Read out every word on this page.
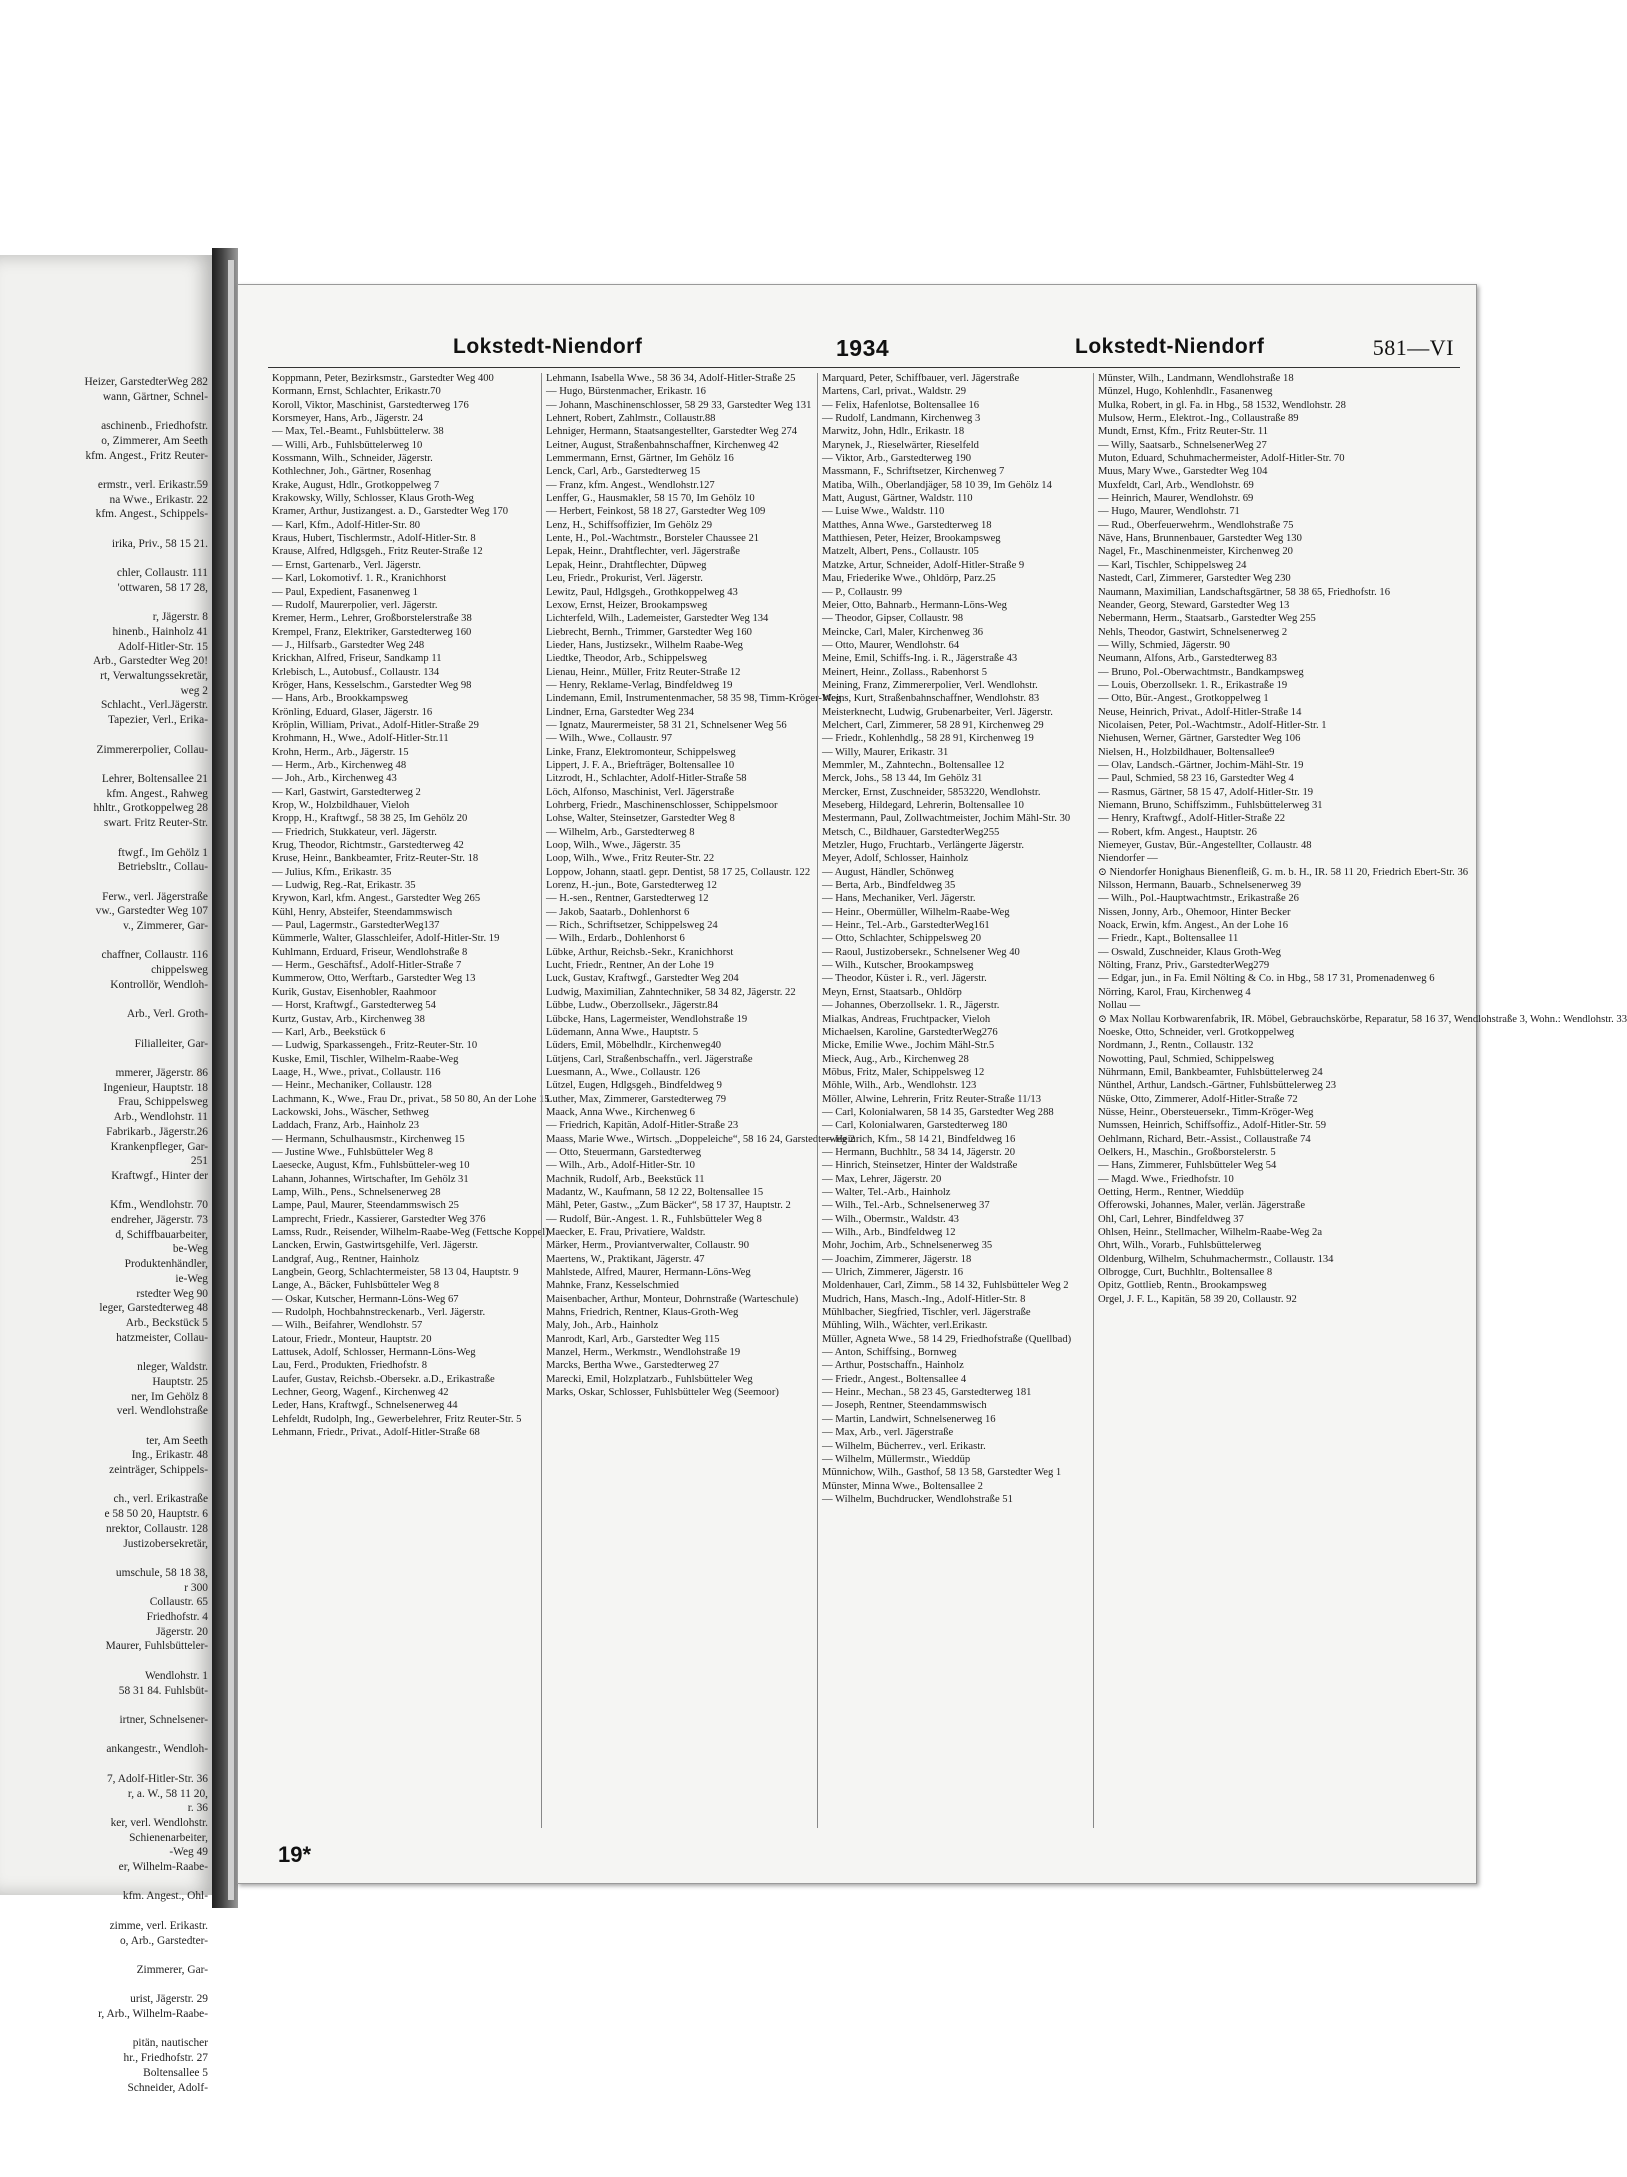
Heizer, GarstedterWeg 282
wann, Gärtner, Schnel-

aschinenb., Friedhofstr.
o, Zimmerer, Am Seeth
kfm. Angest., Fritz Reuter-

ermstr., verl. Erikastr.59
na Wwe., Erikastr. 22
kfm. Angest., Schippels-

irika, Priv., 58 15 21.

chler, Collaustr. 111
'ottwaren, 58 17 28,

r, Jägerstr. 8
hinenb., Hainholz 41
Adolf-Hitler-Str. 15
Arb., Garstedter Weg 20!
rt, Verwaltungssekretär,
weg 2
Schlacht., Verl.Jägerstr.
Tapezier, Verl., Erika-

Zimmererpolier, Collau-

Lehrer, Boltensallee 21
kfm. Angest., Rahweg
hhltr., Grotkoppelweg 28
swart. Fritz Reuter-Str.

ftwgf., Im Gehölz 1
Betriebsltr., Collau-

Ferw., verl. Jägerstraße
vw., Garstedter Weg 107
v., Zimmerer, Gar-

chaffner, Collaustr. 116
chippelsweg
Kontrollör, Wendloh-

Arb., Verl. Groth-

Filialleiter, Gar-

mmerer, Jägerstr. 86
Ingenieur, Hauptstr. 18
Frau, Schippelsweg
Arb., Wendlohstr. 11
Fabrikarb., Jägerstr.26
Krankenpfleger, Gar-
251
Kraftwgf., Hinter der

Kfm., Wendlohstr. 70
endreher, Jägerstr. 73
d, Schiffbauarbeiter,
be-Weg
Produktenhändler,
ie-Weg
rstedter Weg 90
leger, Garstedterweg 48
Arb., Beckstück 5
hatzmeister, Collau-

nleger, Waldstr.
Hauptstr. 25
ner, Im Gehölz 8
verl. Wendlohstraße

ter, Am Seeth
Ing., Erikastr. 48
zeinträger, Schippels-

ch., verl. Erikastraße
e 58 50 20, Hauptstr. 6
nrektor, Collaustr. 128
Justizobersekretär,

umschule, 58 18 38,
r 300
Collaustr. 65
Friedhofstr. 4
Jägerstr. 20
Maurer, Fuhlsbütteler-

Wendlohstr. 1
58 31 84. Fuhlsbüt-

irtner, Schnelsener-

ankangestr., Wendloh-

7, Adolf-Hitler-Str. 36
r, a. W., 58 11 20,
r. 36
ker, verl. Wendlohstr.
Schienenarbeiter,
-Weg 49
er, Wilhelm-Raabe-

kfm. Angest., Ohl-

zimme, verl. Erikastr.
o, Arb., Garstedter-

Zimmerer, Gar-

urist, Jägerstr. 29
r, Arb., Wilhelm-Raabe-

pitän, nautischer
hr., Friedhofstr. 27
Boltensallee 5
Schneider, Adolf-
Lokstedt-Niendorf	1934	Lokstedt-Niendorf	581—VI
Koppmann, Peter, Bezirksmstr., Garstedter Weg 400
Kormann, Ernst, Schlachter, Erikastr.70
Koroll, Viktor, Maschinist, Garstedterweg 176
Korsmeyer, Hans, Arb., Jägerstr. 24
— Max, Tel.-Beamt., Fuhlsbüttelerw. 38
— Willi, Arb., Fuhlsbüttelerweg 10
Kossmann, Wilh., Schneider, Jägerstr.
Kothlechner, Joh., Gärtner, Rosenhag
Krake, August, Hdlr., Grotkoppelweg 7
Krakowsky, Willy, Schlosser, Klaus Groth-Weg
Kramer, Arthur, Justizangest. a. D., Garstedter Weg 170
— Karl, Kfm., Adolf-Hitler-Str. 80
Kraus, Hubert, Tischlermstr., Adolf-Hitler-Str. 8
Krause, Alfred, Hdlgsgeh., Fritz Reuter-Straße 12
— Ernst, Gartenarb., Verl. Jägerstr.
— Karl, Lokomotivf. 1. R., Kranichhorst
— Paul, Expedient, Fasanenweg 1
— Rudolf, Maurerpolier, verl. Jägerstr.
Kremer, Herm., Lehrer, Großborstelerstraße 38
Krempel, Franz, Elektriker, Garstedterweg 160
— J., Hilfsarb., Garstedter Weg 248
Krickhan, Alfred, Friseur, Sandkamp 11
Krlebisch, L., Autobusf., Collaustr. 134
Kröger, Hans, Kesselschm., Garstedter Weg 98
— Hans, Arb., Brookkampsweg
Krönling, Eduard, Glaser, Jägerstr. 16
Kröplin, William, Privat., Adolf-Hitler-Straße 29
Krohmann, H., Wwe., Adolf-Hitler-Str.11
Krohn, Herm., Arb., Jägerstr. 15
— Herm., Arb., Kirchenweg 48
— Joh., Arb., Kirchenweg 43
— Karl, Gastwirt, Garstedterweg 2
Krop, W., Holzbildhauer, Vieloh
Kropp, H., Kraftwgf., 58 38 25, Im Gehölz 20
— Friedrich, Stukkateur, verl. Jägerstr.
Krug, Theodor, Richtmstr., Garstedterweg 42
Kruse, Heinr., Bankbeamter, Fritz-Reuter-Str. 18
— Julius, Kfm., Erikastr. 35
— Ludwig, Reg.-Rat, Erikastr. 35
Krywon, Karl, kfm. Angest., Garstedter Weg 265
Kühl, Henry, Absteifer, Steendammswisch
— Paul, Lagermstr., GarstedterWeg137
Kümmerle, Walter, Glasschleifer, Adolf-Hitler-Str. 19
Kuhlmann, Erduard, Friseur, Wendlohstraße 8
— Herm., Geschäftsf., Adolf-Hitler-Straße 7
Kummerow, Otto, Werftarb., Garstedter Weg 13
Kurik, Gustav, Eisenhobler, Raahmoor
— Horst, Kraftwgf., Garstedterweg 54
Kurtz, Gustav, Arb., Kirchenweg 38
— Karl, Arb., Beekstück 6
— Ludwig, Sparkassengeh., Fritz-Reuter-Str. 10
Kuske, Emil, Tischler, Wilhelm-Raabe-Weg
Laage, H., Wwe., privat., Collaustr. 116
— Heinr., Mechaniker, Collaustr. 128
Lachmann, K., Wwe., Frau Dr., privat., 58 50 80, An der Lohe 15
Lackowski, Johs., Wäscher, Sethweg
Laddach, Franz, Arb., Hainholz 23
— Hermann, Schulhausmstr., Kirchenweg 15
— Justine Wwe., Fuhlsbütteler Weg 8
Laesecke, August, Kfm., Fuhlsbütteler-weg 10
Lahann, Johannes, Wirtschafter, Im Gehölz 31
Lamp, Wilh., Pens., Schnelsenerweg 28
Lampe, Paul, Maurer, Steendammswisch 25
Lamprecht, Friedr., Kassierer, Garstedter Weg 376
Lamss, Rudr., Reisender, Wilhelm-Raabe-Weg (Fettsche Koppel)
Lancken, Erwin, Gastwirtsgehilfe, Verl. Jägerstr.
Landgraf, Aug., Rentner, Hainholz
Langbein, Georg, Schlachtermeister, 58 13 04, Hauptstr. 9
Lange, A., Bäcker, Fuhlsbütteler Weg 8
— Oskar, Kutscher, Hermann-Löns-Weg 67
— Rudolph, Hochbahnstreckenarb., Verl. Jägerstr.
— Wilh., Beifahrer, Wendlohstr. 57
Latour, Friedr., Monteur, Hauptstr. 20
Lattusek, Adolf, Schlosser, Hermann-Löns-Weg
Lau, Ferd., Produkten, Friedhofstr. 8
Laufer, Gustav, Reichsb.-Obersekr. a.D., Erikastraße
Lechner, Georg, Wagenf., Kirchenweg 42
Leder, Hans, Kraftwgf., Schnelsenerweg 44
Lehfeldt, Rudolph, Ing., Gewerbelehrer, Fritz Reuter-Str. 5
Lehmann, Friedr., Privat., Adolf-Hitler-Straße 68
Lehmann, Isabella Wwe., 58 36 34, Adolf-Hitler-Straße 25
— Hugo, Bürstenmacher, Erikastr. 16
— Johann, Maschinenschlosser, 58 29 33, Garstedter Weg 131
Lehnert, Robert, Zahlmstr., Collaustr.88
Lehniger, Hermann, Staatsangestellter, Garstedter Weg 274
Leitner, August, Straßenbahnschaffner, Kirchenweg 42
Lemmermann, Ernst, Gärtner, Im Gehölz 16
Lenck, Carl, Arb., Garstedterweg 15
— Franz, kfm. Angest., Wendlohstr.127
Lenffer, G., Hausmakler, 58 15 70, Im Gehölz 10
— Herbert, Feinkost, 58 18 27, Garstedter Weg 109
Lenz, H., Schiffsoffizier, Im Gehölz 29
Lente, H., Pol.-Wachtmstr., Borsteler Chaussee 21
Lepak, Heinr., Drahtflechter, verl. Jägerstraße
Lepak, Heinr., Drahtflechter, Düpweg
Leu, Friedr., Prokurist, Verl. Jägerstr.
Lewitz, Paul, Hdlgsgeh., Grothkoppelweg 43
Lexow, Ernst, Heizer, Brookampsweg
Lichterfeld, Wilh., Lademeister, Garstedter Weg 134
Liebrecht, Bernh., Trimmer, Garstedter Weg 160
Lieder, Hans, Justizsekr., Wilhelm Raabe-Weg
Liedtke, Theodor, Arb., Schippelsweg
Lienau, Heinr., Müller, Fritz Reuter-Straße 12
— Henry, Reklame-Verlag, Bindfeldweg 19
Lindemann, Emil, Instrumentenmacher, 58 35 98, Timm-Kröger-Weg
Lindner, Erna, Garstedter Weg 234
— Ignatz, Maurermeister, 58 31 21, Schnelsener Weg 56
— Wilh., Wwe., Collaustr. 97
Linke, Franz, Elektromonteur, Schippelsweg
Lippert, J. F. A., Briefträger, Boltensallee 10
Litzrodt, H., Schlachter, Adolf-Hitler-Straße 58
Löch, Alfonso, Maschinist, Verl. Jägerstraße
Lohrberg, Friedr., Maschinenschlosser, Schippelsmoor
Lohse, Walter, Steinsetzer, Garstedter Weg 8
— Wilhelm, Arb., Garstedterweg 8
Loop, Wilh., Wwe., Jägerstr. 35
Loop, Wilh., Wwe., Fritz Reuter-Str. 22
Loppow, Johann, staatl. gepr. Dentist, 58 17 25, Collaustr. 122
Lorenz, H.-jun., Bote, Garstedterweg 12
— H.-sen., Rentner, Garstedterweg 12
— Jakob, Saatarb., Dohlenhorst 6
— Rich., Schriftsetzer, Schippelsweg 24
— Wilh., Erdarb., Dohlenhorst 6
Lübke, Arthur, Reichsb.-Sekr., Kranichhorst
Lucht, Friedr., Rentner, An der Lohe 19
Luck, Gustav, Kraftwgf., Garstedter Weg 204
Ludwig, Maximilian, Zahntechniker, 58 34 82, Jägerstr. 22
Lübbe, Ludw., Oberzollsekr., Jägerstr.84
Lübcke, Hans, Lagermeister, Wendlohstraße 19
Lüdemann, Anna Wwe., Hauptstr. 5
Lüders, Emil, Möbelhdlr., Kirchenweg40
Lütjens, Carl, Straßenbschaffn., verl. Jägerstraße
Luesmann, A., Wwe., Collaustr. 126
Lützel, Eugen, Hdlgsgeh., Bindfeldweg 9
Luther, Max, Zimmerer, Garstedterweg 79
Maack, Anna Wwe., Kirchenweg 6
— Friedrich, Kapitän, Adolf-Hitler-Straße 23
Maass, Marie Wwe., Wirtsch. „Doppeleiche“, 58 16 24, Garstedterweg 2
— Otto, Steuermann, Garstedterweg
— Wilh., Arb., Adolf-Hitler-Str. 10
Machnik, Rudolf, Arb., Beekstück 11
Madantz, W., Kaufmann, 58 12 22, Boltensallee 15
Mähl, Peter, Gastw., „Zum Bäcker“, 58 17 37, Hauptstr. 2
— Rudolf, Bür.-Angest. 1. R., Fuhlsbütteler Weg 8
Maecker, E. Frau, Privatiere, Waldstr.
Märker, Herm., Proviantverwalter, Collaustr. 90
Maertens, W., Praktikant, Jägerstr. 47
Mahlstede, Alfred, Maurer, Hermann-Löns-Weg
Mahnke, Franz, Kesselschmied
Maisenbacher, Arthur, Monteur, Dohrnstraße (Warteschule)
Mahns, Friedrich, Rentner, Klaus-Groth-Weg
Maly, Joh., Arb., Hainholz
Manrodt, Karl, Arb., Garstedter Weg 115
Manzel, Herm., Werkmstr., Wendlohstraße 19
Marcks, Bertha Wwe., Garstedterweg 27
Marecki, Emil, Holzplatzarb., Fuhlsbütteler Weg
Marks, Oskar, Schlosser, Fuhlsbütteler Weg (Seemoor)
Marquard, Peter, Schiffbauer, verl. Jägerstraße
Martens, Carl, privat., Waldstr. 29
— Felix, Hafenlotse, Boltensallee 16
— Rudolf, Landmann, Kirchenweg 3
Marwitz, John, Hdlr., Erikastr. 18
Marynek, J., Rieselwärter, Rieselfeld
— Viktor, Arb., Garstedterweg 190
Massmann, F., Schriftsetzer, Kirchenweg 7
Matiba, Wilh., Oberlandjäger, 58 10 39, Im Gehölz 14
Matt, August, Gärtner, Waldstr. 110
— Luise Wwe., Waldstr. 110
Matthes, Anna Wwe., Garstedterweg 18
Matthiesen, Peter, Heizer, Brookampsweg
Matzelt, Albert, Pens., Collaustr. 105
Matzke, Artur, Schneider, Adolf-Hitler-Straße 9
Mau, Friederike Wwe., Ohldörp, Parz.25
— P., Collaustr. 99
Meier, Otto, Bahnarb., Hermann-Löns-Weg
— Theodor, Gipser, Collaustr. 98
Meincke, Carl, Maler, Kirchenweg 36
— Otto, Maurer, Wendlohstr. 64
Meine, Emil, Schiffs-Ing. i. R., Jägerstraße 43
Meinert, Heinr., Zollass., Rabenhorst 5
Meining, Franz, Zimmererpolier, Verl. Wendlohstr.
Meins, Kurt, Straßenbahnschaffner, Wendlohstr. 83
Meisterknecht, Ludwig, Grubenarbeiter, Verl. Jägerstr.
Melchert, Carl, Zimmerer, 58 28 91, Kirchenweg 29
— Friedr., Kohlenhdlg., 58 28 91, Kirchenweg 19
— Willy, Maurer, Erikastr. 31
Memmler, M., Zahntechn., Boltensallee 12
Merck, Johs., 58 13 44, Im Gehölz 31
Mercker, Ernst, Zuschneider, 5853220, Wendlohstr.
Meseberg, Hildegard, Lehrerin, Boltensallee 10
Mestermann, Paul, Zollwachtmeister, Jochim Mähl-Str. 30
Metsch, C., Bildhauer, GarstedterWeg255
Metzler, Hugo, Fruchtarb., Verlängerte Jägerstr.
Meyer, Adolf, Schlosser, Hainholz
— August, Händler, Schönweg
— Berta, Arb., Bindfeldweg 35
— Hans, Mechaniker, Verl. Jägerstr.
— Heinr., Obermüller, Wilhelm-Raabe-Weg
— Heinr., Tel.-Arb., GarstedterWeg161
— Otto, Schlachter, Schippelsweg 20
— Raoul, Justizobersekr., Schnelsener Weg 40
— Wilh., Kutscher, Brookampsweg
— Theodor, Küster i. R., verl. Jägerstr.
Meyn, Ernst, Staatsarb., Ohldörp
— Johannes, Oberzollsekr. 1. R., Jägerstr.
Mialkas, Andreas, Fruchtpacker, Vieloh
Michaelsen, Karoline, GarstedterWeg276
Micke, Emilie Wwe., Jochim Mähl-Str.5
Mieck, Aug., Arb., Kirchenweg 28
Möbus, Fritz, Maler, Schippelsweg 12
Möhle, Wilh., Arb., Wendlohstr. 123
Möller, Alwine, Lehrerin, Fritz Reuter-Straße 11/13
— Carl, Kolonialwaren, 58 14 35, Garstedter Weg 288
— Carl, Kolonialwaren, Garstedterweg 180
— Heinrich, Kfm., 58 14 21, Bindfeldweg 16
— Hermann, Buchhltr., 58 34 14, Jägerstr. 20
— Hinrich, Steinsetzer, Hinter der Waldstraße
— Max, Lehrer, Jägerstr. 20
— Walter, Tel.-Arb., Hainholz
— Wilh., Tel.-Arb., Schnelsenerweg 37
— Wilh., Obermstr., Waldstr. 43
— Wilh., Arb., Bindfeldweg 12
Mohr, Jochim, Arb., Schnelsenerweg 35
— Joachim, Zimmerer, Jägerstr. 18
— Ulrich, Zimmerer, Jägerstr. 16
Moldenhauer, Carl, Zimm., 58 14 32, Fuhlsbütteler Weg 2
Mudrich, Hans, Masch.-Ing., Adolf-Hitler-Str. 8
Mühlbacher, Siegfried, Tischler, verl. Jägerstraße
Mühling, Wilh., Wächter, verl.Erikastr.
Müller, Agneta Wwe., 58 14 29, Friedhofstraße (Quellbad)
— Anton, Schiffsing., Bornweg
— Arthur, Postschaffn., Hainholz
— Friedr., Angest., Boltensallee 4
— Heinr., Mechan., 58 23 45, Garstedterweg 181
— Joseph, Rentner, Steendammswisch
— Martin, Landwirt, Schnelsenerweg 16
— Max, Arb., verl. Jägerstraße
— Wilhelm, Bücherrev., verl. Erikastr.
— Wilhelm, Müllermstr., Wieddüp
Münnichow, Wilh., Gasthof, 58 13 58, Garstedter Weg 1
Münster, Minna Wwe., Boltensallee 2
— Wilhelm, Buchdrucker, Wendlohstraße 51
Münster, Wilh., Landmann, Wendlohstraße 18
Münzel, Hugo, Kohlenhdlr., Fasanenweg
Mulka, Robert, in gl. Fa. in Hbg., 58 1532, Wendlohstr. 28
Mulsow, Herm., Elektrot.-Ing., Collaustraße 89
Mundt, Ernst, Kfm., Fritz Reuter-Str. 11
— Willy, Saatsarb., SchnelsenerWeg 27
Muton, Eduard, Schuhmachermeister, Adolf-Hitler-Str. 70
Muus, Mary Wwe., Garstedter Weg 104
Muxfeldt, Carl, Arb., Wendlohstr. 69
— Heinrich, Maurer, Wendlohstr. 69
— Hugo, Maurer, Wendlohstr. 71
— Rud., Oberfeuerwehrm., Wendlohstraße 75
Näve, Hans, Brunnenbauer, Garstedter Weg 130
Nagel, Fr., Maschinenmeister, Kirchenweg 20
— Karl, Tischler, Schippelsweg 24
Nastedt, Carl, Zimmerer, Garstedter Weg 230
Naumann, Maximilian, Landschaftsgärtner, 58 38 65, Friedhofstr. 16
Neander, Georg, Steward, Garstedter Weg 13
Nebermann, Herm., Staatsarb., Garstedter Weg 255
Nehls, Theodor, Gastwirt, Schnelsenerweg 2
— Willy, Schmied, Jägerstr. 90
Neumann, Alfons, Arb., Garstedterweg 83
— Bruno, Pol.-Oberwachtmstr., Bandkampsweg
— Louis, Oberzollsekr. 1. R., Erikastraße 19
— Otto, Bür.-Angest., Grotkoppelweg 1
Neuse, Heinrich, Privat., Adolf-Hitler-Straße 14
Nicolaisen, Peter, Pol.-Wachtmstr., Adolf-Hitler-Str. 1
Niehusen, Werner, Gärtner, Garstedter Weg 106
Nielsen, H., Holzbildhauer, Boltensallee9
— Olav, Landsch.-Gärtner, Jochim-Mähl-Str. 19
— Paul, Schmied, 58 23 16, Garstedter Weg 4
— Rasmus, Gärtner, 58 15 47, Adolf-Hitler-Str. 19
Niemann, Bruno, Schiffszimm., Fuhlsbüttelerweg 31
— Henry, Kraftwgf., Adolf-Hitler-Straße 22
— Robert, kfm. Angest., Hauptstr. 26
Niemeyer, Gustav, Bür.-Angestellter, Collaustr. 48
Niendorfer —
⊙ Niendorfer Honighaus Bienenfleiß, G. m. b. H., IR. 58 11 20, Friedrich Ebert-Str. 36
Nilsson, Hermann, Bauarb., Schnelsenerweg 39
— Wilh., Pol.-Hauptwachtmstr., Erikastraße 26
Nissen, Jonny, Arb., Ohemoor, Hinter Becker
Noack, Erwin, kfm. Angest., An der Lohe 16
— Friedr., Kapt., Boltensallee 11
— Oswald, Zuschneider, Klaus Groth-Weg
Nölting, Franz, Priv., GarstedterWeg279
— Edgar, jun., in Fa. Emil Nölting & Co. in Hbg., 58 17 31, Promenadenweg 6
Nörring, Karol, Frau, Kirchenweg 4
Nollau —
⊙ Max Nollau Korbwarenfabrik, IR. Möbel, Gebrauchskörbe, Reparatur, 58 16 37, Wendlohstraße 3, Wohn.: Wendlohstr. 33
Noeske, Otto, Schneider, verl. Grotkoppelweg
Nordmann, J., Rentn., Collaustr. 132
Nowotting, Paul, Schmied, Schippelsweg
Nührmann, Emil, Bankbeamter, Fuhlsbüttelerweg 24
Nünthel, Arthur, Landsch.-Gärtner, Fuhlsbüttelerweg 23
Nüske, Otto, Zimmerer, Adolf-Hitler-Straße 72
Nüsse, Heinr., Obersteuersekr., Timm-Kröger-Weg
Numssen, Heinrich, Schiffsoffiz., Adolf-Hitler-Str. 59
Oehlmann, Richard, Betr.-Assist., Collaustraße 74
Oelkers, H., Maschin., Großborstelerstr. 5
— Hans, Zimmerer, Fuhlsbütteler Weg 54
— Magd. Wwe., Friedhofstr. 10
Oetting, Herm., Rentner, Wieddüp
Offerowski, Johannes, Maler, verlän. Jägerstraße
Ohl, Carl, Lehrer, Bindfeldweg 37
Ohlsen, Heinr., Stellmacher, Wilhelm-Raabe-Weg 2a
Ohrt, Wilh., Vorarb., Fuhlsbüttelerweg
Oldenburg, Wilhelm, Schuhmachermstr., Collaustr. 134
Olbrogge, Curt, Buchhltr., Boltensallee 8
Opitz, Gottlieb, Rentn., Brookampsweg
Orgel, J. F. L., Kapitän, 58 39 20, Collaustr. 92
19*
